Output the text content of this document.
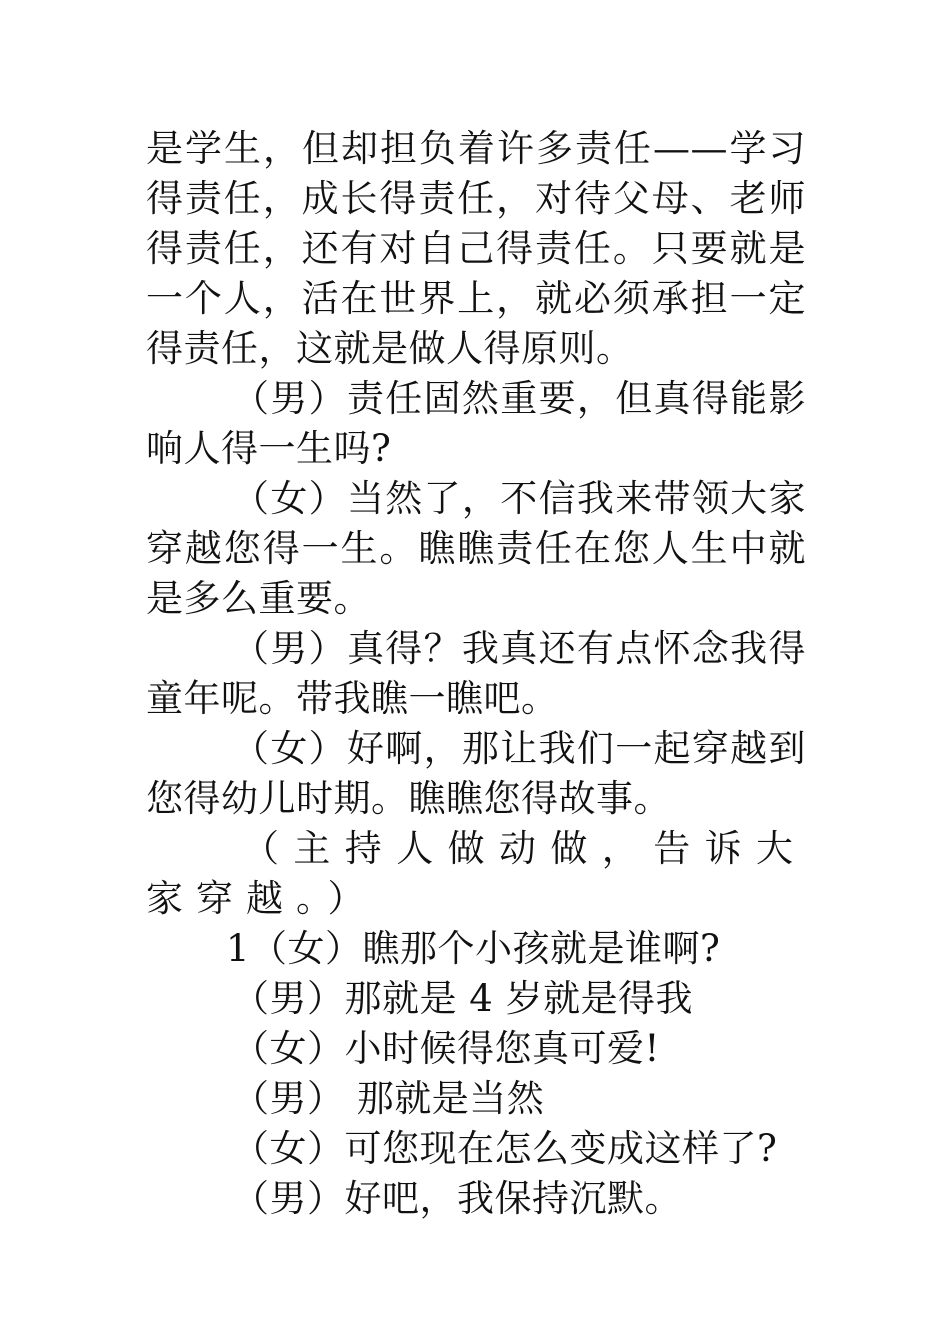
是学生，但却担负着许多责任——学习得责任，成长得责任，对待父母、老师得责任，还有对自己得责任。只要就是一个人，活在世界上，就必须承担一定得责任，这就是做人得原则。

（男）责任固然重要，但真得能影响人得一生吗?

（女）当然了，不信我来带领大家穿越您得一生。瞧瞧责任在您人生中就是多么重要。

（男）真得？我真还有点怀念我得童年呢。带我瞧一瞧吧。

（女）好啊，那让我们一起穿越到您得幼儿时期。瞧瞧您得故事。

（主持人做动做，告诉大家穿越。）

1（女）瞧那个小孩就是谁啊?

（男）那就是 4 岁就是得我

（女）小时候得您真可爱!

（男） 那就是当然

（女）可您现在怎么变成这样了?

（男）好吧，我保持沉默。
